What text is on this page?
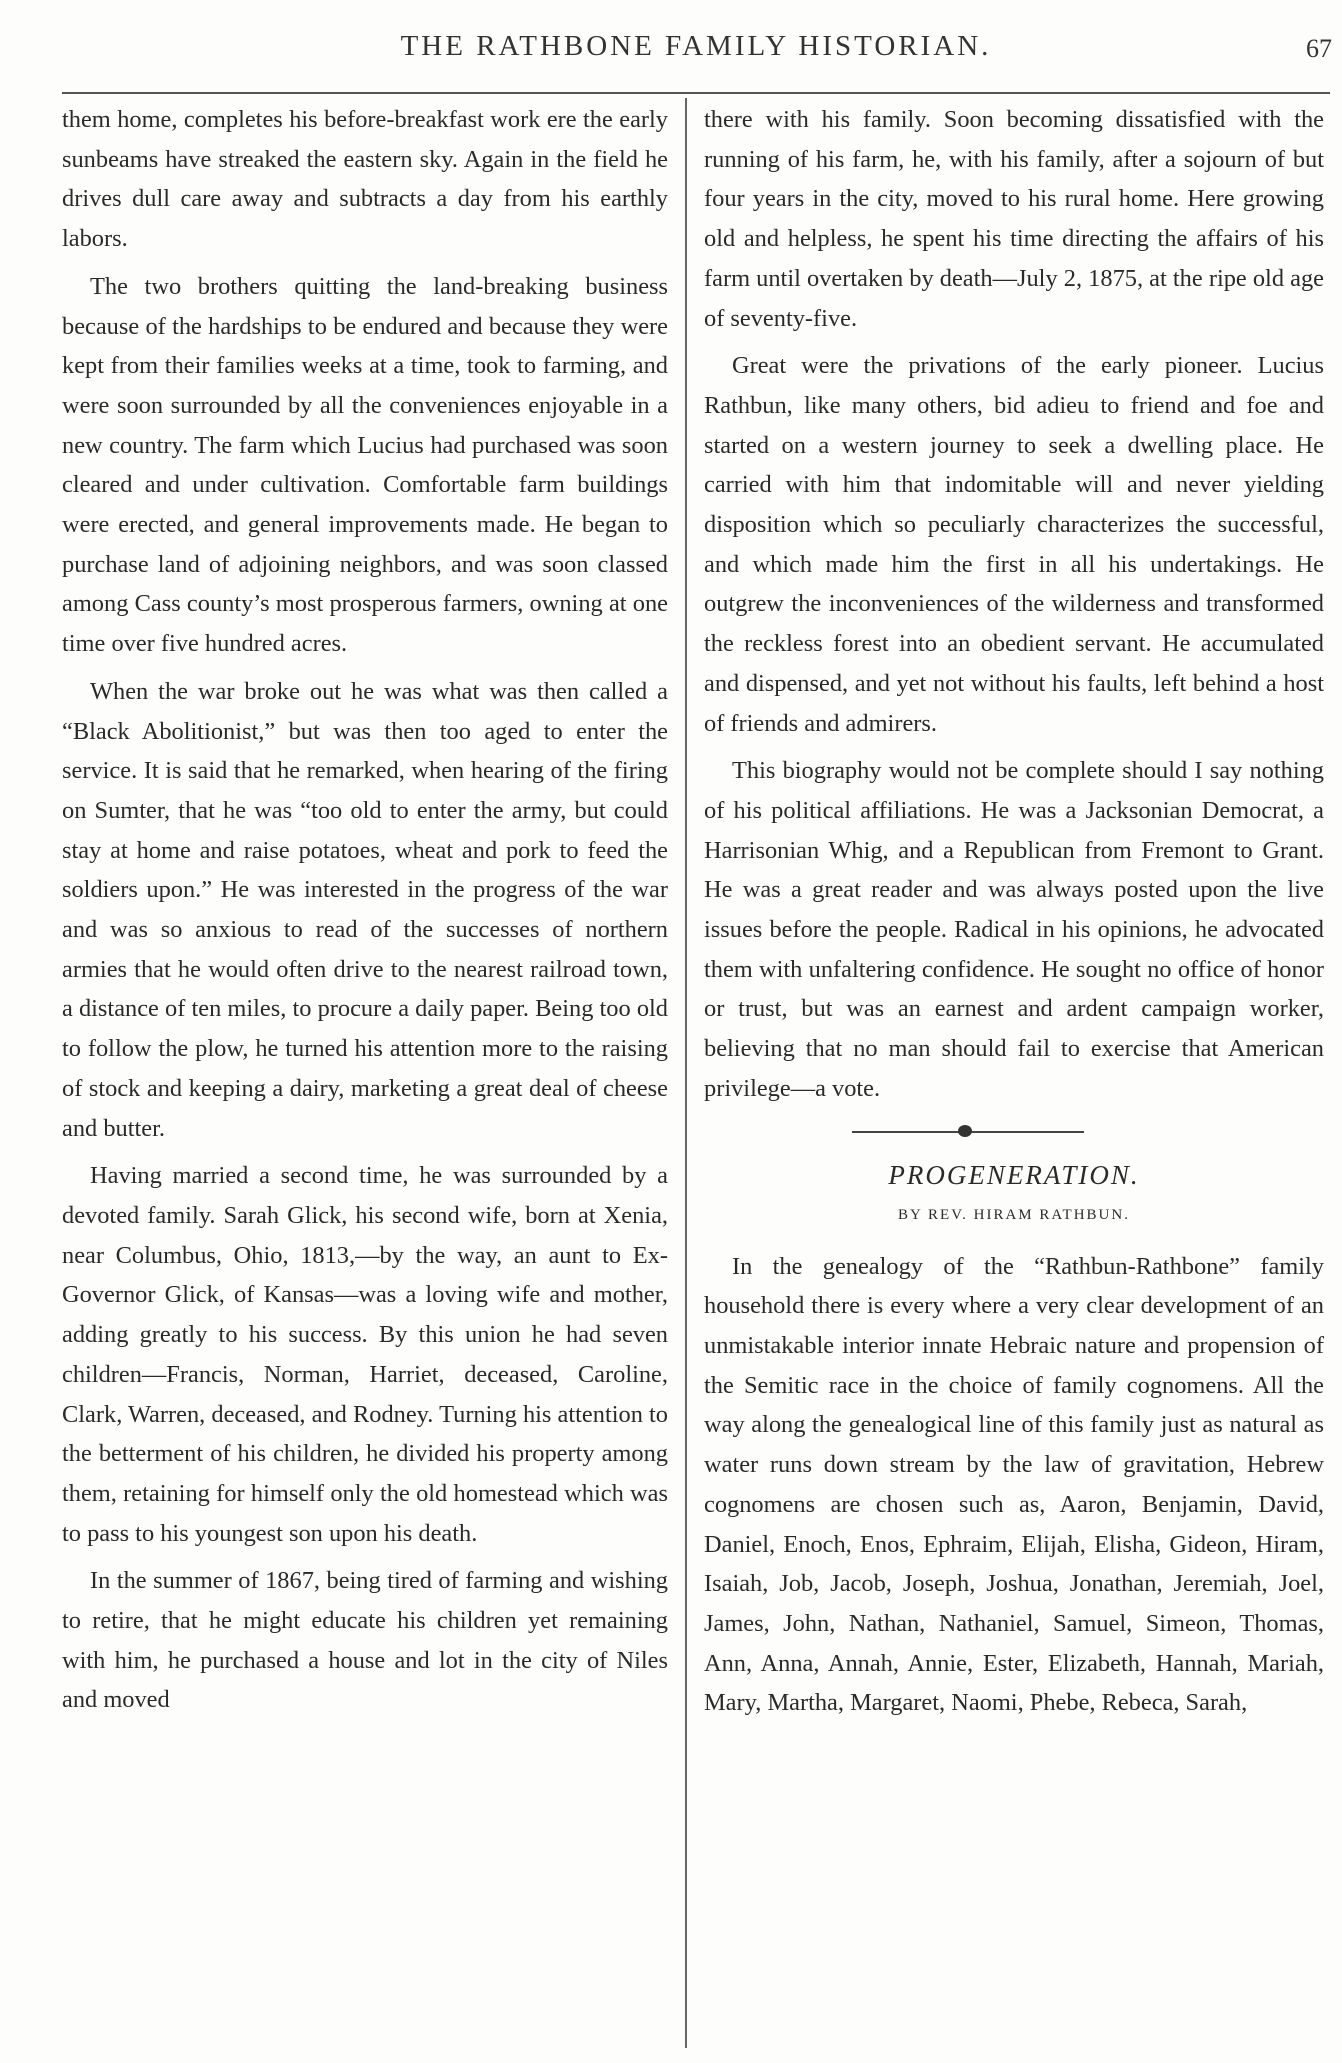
THE RATHBONE FAMILY HISTORIAN.	67

them home, completes his before-breakfast work ere the early sunbeams have streaked the eastern sky. Again in the field he drives dull care away and subtracts a day from his earthly labors.

The two brothers quitting the land-breaking business because of the hardships to be endured and because they were kept from their families weeks at a time, took to farming, and were soon surrounded by all the conveniences enjoyable in a new country. The farm which Lucius had purchased was soon cleared and under cultivation. Comfortable farm buildings were erected, and general improvements made. He began to purchase land of adjoining neighbors, and was soon classed among Cass county’s most prosperous farmers, owning at one time over five hundred acres.

When the war broke out he was what was then called a “Black Abolitionist,” but was then too aged to enter the service. It is said that he remarked, when hearing of the firing on Sumter, that he was “too old to enter the army, but could stay at home and raise potatoes, wheat and pork to feed the soldiers upon.” He was interested in the progress of the war and was so anxious to read of the successes of northern armies that he would often drive to the nearest railroad town, a distance of ten miles, to procure a daily paper. Being too old to follow the plow, he turned his attention more to the raising of stock and keeping a dairy, marketing a great deal of cheese and butter.

Having married a second time, he was surrounded by a devoted family. Sarah Glick, his second wife, born at Xenia, near Columbus, Ohio, 1813,—by the way, an aunt to Ex-Governor Glick, of Kansas—was a loving wife and mother, adding greatly to his success. By this union he had seven children—Francis, Norman, Harriet, deceased, Caroline, Clark, Warren, deceased, and Rodney. Turning his attention to the betterment of his children, he divided his property among them, retaining for himself only the old homestead which was to pass to his youngest son upon his death.

In the summer of 1867, being tired of farming and wishing to retire, that he might educate his children yet remaining with him, he purchased a house and lot in the city of Niles and moved

there with his family. Soon becoming dissatisfied with the running of his farm, he, with his family, after a sojourn of but four years in the city, moved to his rural home. Here growing old and helpless, he spent his time directing the affairs of his farm until overtaken by death—July 2, 1875, at the ripe old age of seventy-five.

Great were the privations of the early pioneer. Lucius Rathbun, like many others, bid adieu to friend and foe and started on a western journey to seek a dwelling place. He carried with him that indomitable will and never yielding disposition which so peculiarly characterizes the successful, and which made him the first in all his undertakings. He outgrew the inconveniences of the wilderness and transformed the reckless forest into an obedient servant. He accumulated and dispensed, and yet not without his faults, left behind a host of friends and admirers.

This biography would not be complete should I say nothing of his political affiliations. He was a Jacksonian Democrat, a Harrisonian Whig, and a Republican from Fremont to Grant. He was a great reader and was always posted upon the live issues before the people. Radical in his opinions, he advocated them with unfaltering confidence. He sought no office of honor or trust, but was an earnest and ardent campaign worker, believing that no man should fail to exercise that American privilege—a vote.

PROGENERATION.
BY REV. HIRAM RATHBUN.

In the genealogy of the “Rathbun-Rathbone” family household there is every where a very clear development of an unmistakable interior innate Hebraic nature and propension of the Semitic race in the choice of family cognomens. All the way along the genealogical line of this family just as natural as water runs down stream by the law of gravitation, Hebrew cognomens are chosen such as, Aaron, Benjamin, David, Daniel, Enoch, Enos, Ephraim, Elijah, Elisha, Gideon, Hiram, Isaiah, Job, Jacob, Joseph, Joshua, Jonathan, Jeremiah, Joel, James, John, Nathan, Nathaniel, Samuel, Simeon, Thomas, Ann, Anna, Annah, Annie, Ester, Elizabeth, Hannah, Mariah, Mary, Martha, Margaret, Naomi, Phebe, Rebeca, Sarah,
